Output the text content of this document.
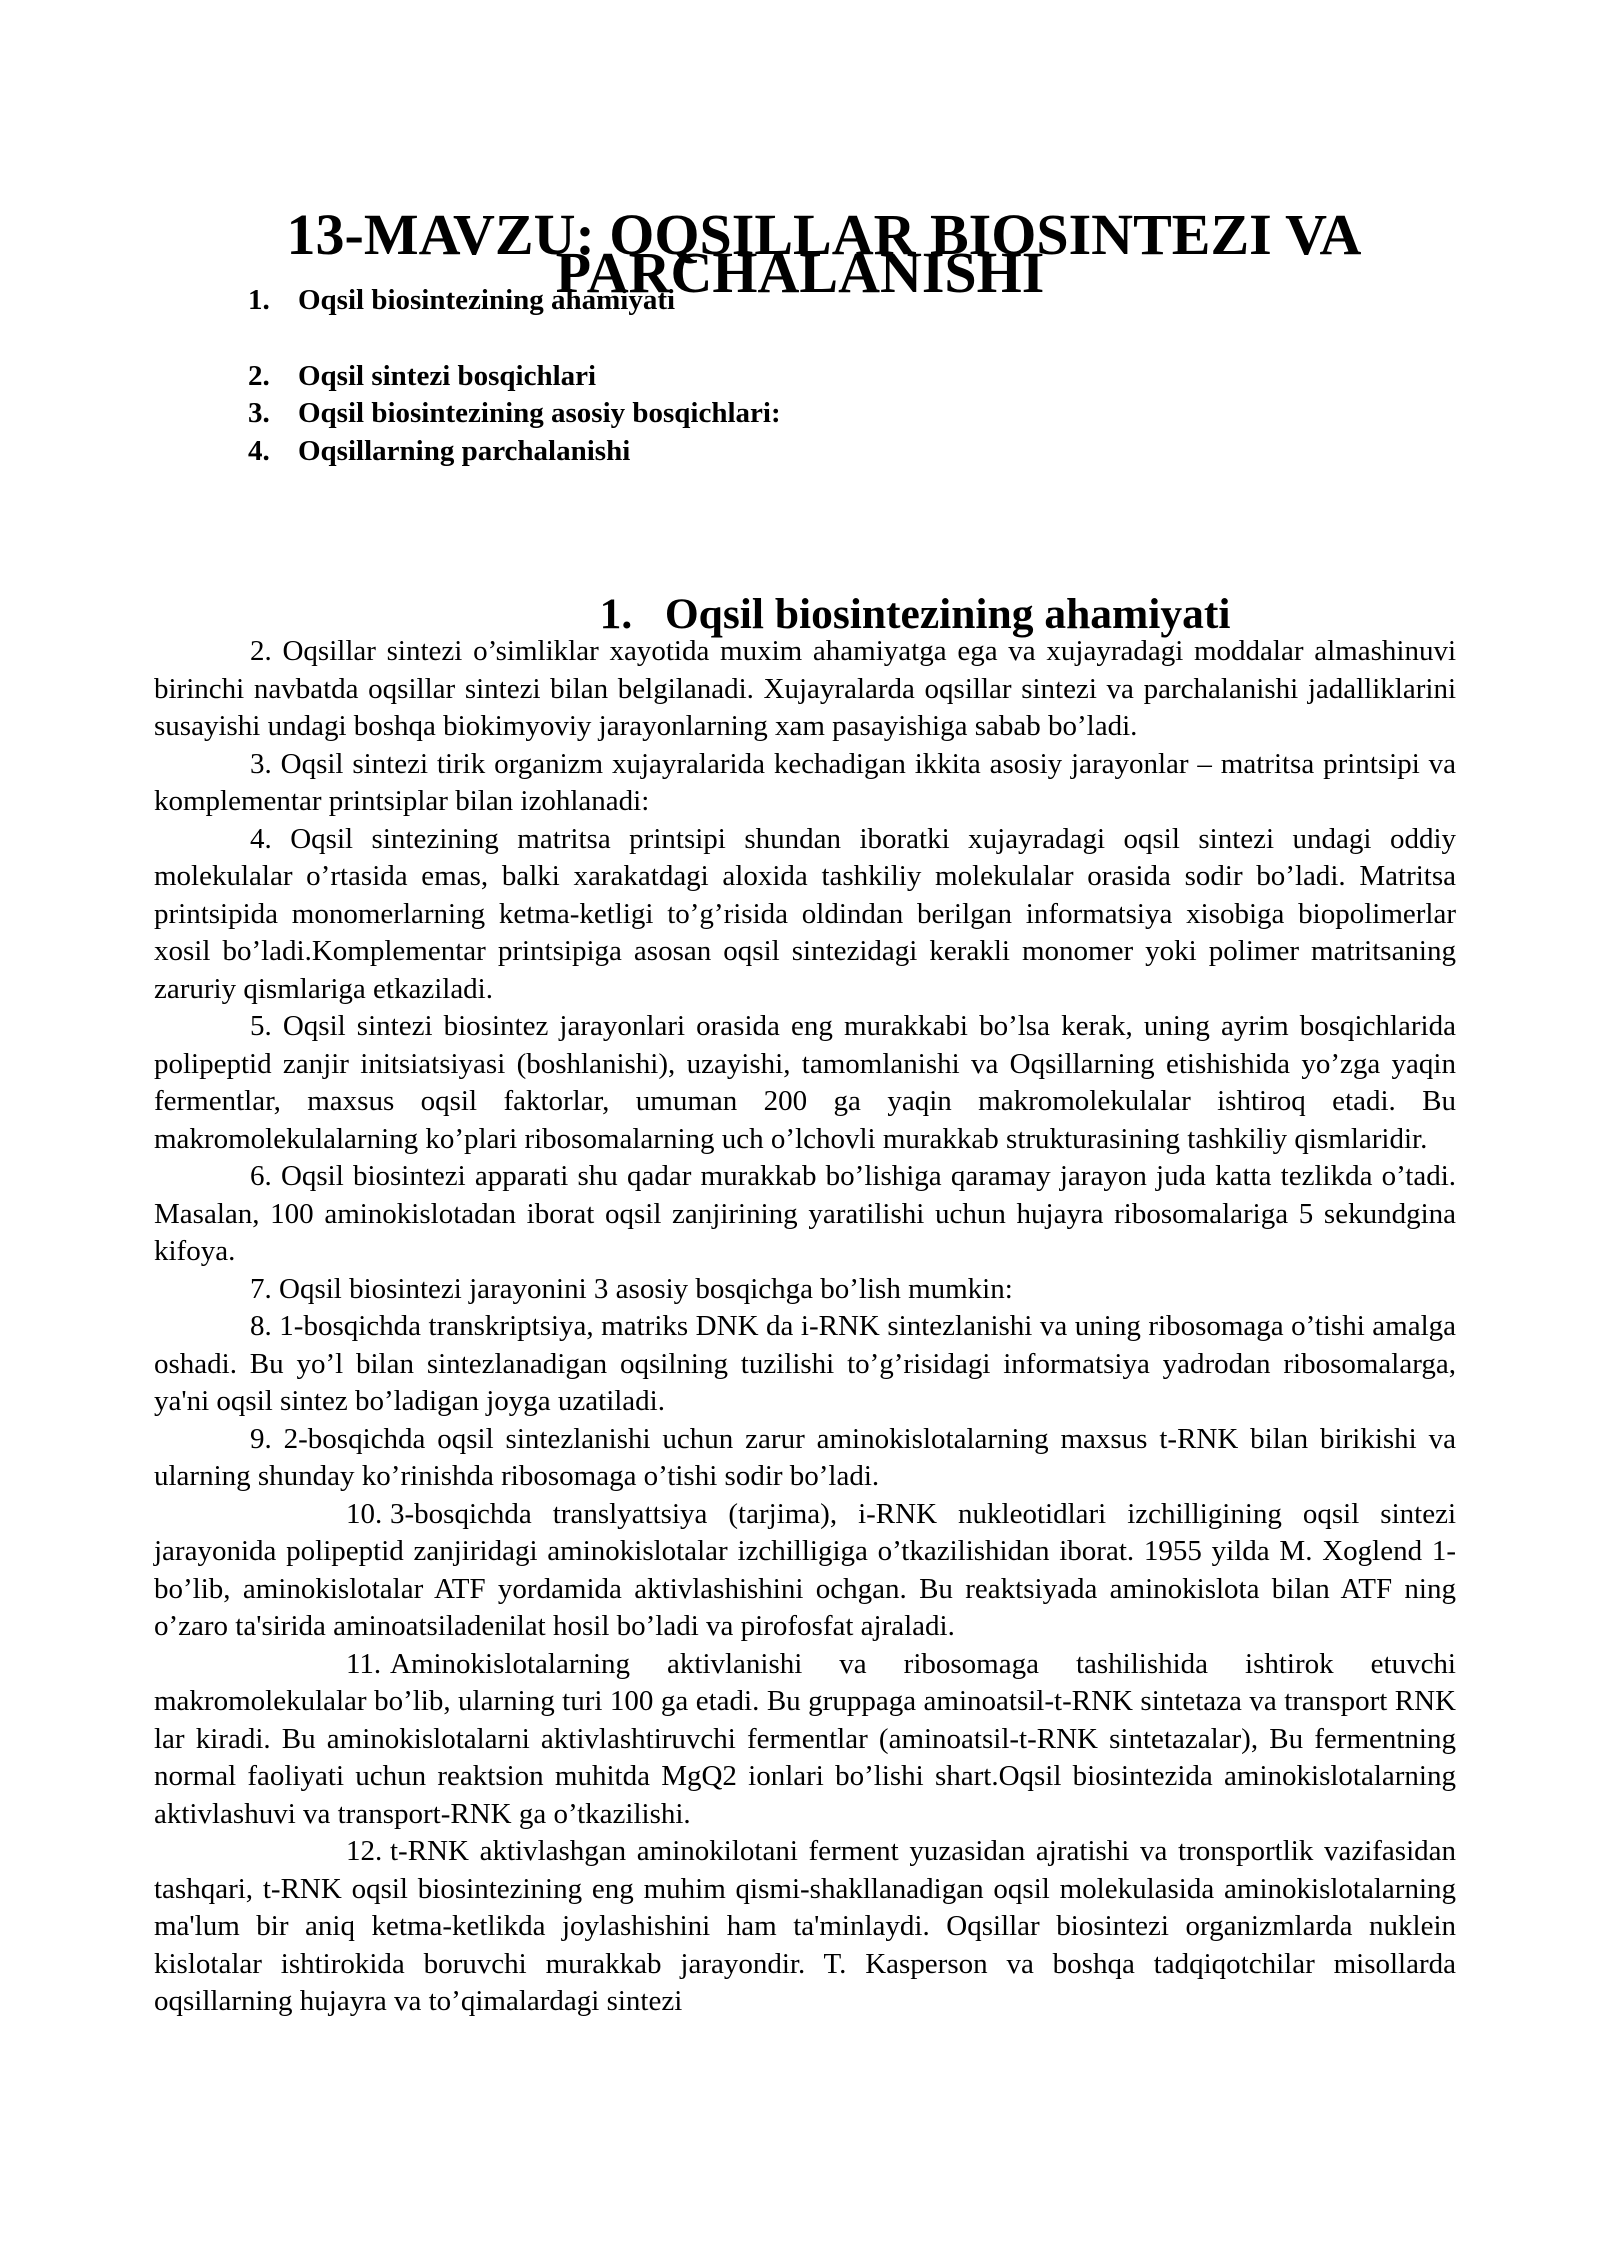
13-MAVZU: OQSILLAR BIOSINTEZI VA PARCHALANISHI
1. Oqsil biosintezining ahamiyati
2. Oqsil sintezi bosqichlari
3. Oqsil biosintezining asosiy bosqichlari:
4. Oqsillarning parchalanishi
1. Oqsil biosintezining ahamiyati

2. Oqsillar sintezi o’simliklar xayotida muxim ahamiyatga ega va xujayradagi moddalar almashinuvi birinchi navbatda oqsillar sintezi bilan belgilanadi. Xujayralarda oqsillar sintezi va parchalanishi jadalliklarini susayishi undagi boshqa biokimyoviy jarayonlarning xam pasayishiga sabab bo’ladi.

3. Oqsil sintezi tirik organizm xujayralarida kechadigan ikkita asosiy jarayonlar – matritsa printsipi va komplementar printsiplar bilan izohlanadi:

4. Oqsil sintezining matritsa printsipi shundan iboratki xujayradagi oqsil sintezi undagi oddiy molekulalar o’rtasida emas, balki xarakatdagi aloxida tashkiliy molekulalar orasida sodir bo’ladi. Matritsa printsipida monomerlarning ketma-ketligi to’g’risida oldindan berilgan informatsiya xisobiga biopolimerlar xosil bo’ladi.Komplementar printsipiga asosan oqsil sintezidagi kerakli monomer yoki polimer matritsaning zaruriy qismlariga etkaziladi.

5. Oqsil sintezi biosintez jarayonlari orasida eng murakkabi bo’lsa kerak, uning ayrim bosqichlarida polipeptid zanjir initsiatsiyasi (boshlanishi), uzayishi, tamomlanishi va Oqsillarning etishishida yo’zga yaqin fermentlar, maxsus oqsil faktorlar, umuman 200 ga yaqin makromolekulalar ishtiroq etadi. Bu makromolekulalarning ko’plari ribosomalarning uch o’lchovli murakkab strukturasining tashkiliy qismlaridir.

6. Oqsil biosintezi apparati shu qadar murakkab bo’lishiga qaramay jarayon juda katta tezlikda o’tadi. Masalan, 100 aminokislotadan iborat oqsil zanjirining yaratilishi uchun hujayra ribosomalariga 5 sekundgina kifoya.

7. Oqsil biosintezi jarayonini 3 asosiy bosqichga bo’lish mumkin:

8. 1-bosqichda transkriptsiya, matriks DNK da i-RNK sintezlanishi va uning ribosomaga o’tishi amalga oshadi. Bu yo’l bilan sintezlanadigan oqsilning tuzilishi to’g’risidagi informatsiya yadrodan ribosomalarga, ya'ni oqsil sintez bo’ladigan joyga uzatiladi.

9. 2-bosqichda oqsil sintezlanishi uchun zarur aminokislotalarning maxsus t-RNK bilan birikishi va ularning shunday ko’rinishda ribosomaga o’tishi sodir bo’ladi.

10. 3-bosqichda translyattsiya (tarjima), i-RNK nukleotidlari izchilligining oqsil sintezi jarayonida polipeptid zanjiridagi aminokislotalar izchilligiga o’tkazilishidan iborat. 1955 yilda M. Xoglend 1-bo’lib, aminokislotalar ATF yordamida aktivlashishini ochgan. Bu reaktsiyada aminokislota bilan ATF ning o’zaro ta'sirida aminoatsiladenilat hosil bo’ladi va pirofosfat ajraladi.

11. Aminokislotalarning aktivlanishi va ribosomaga tashilishida ishtirok etuvchi makromolekulalar bo’lib, ularning turi 100 ga etadi. Bu gruppaga aminoatsil-t-RNK sintetaza va transport RNK lar kiradi. Bu aminokislotalarni aktivlashtiruvchi fermentlar (aminoatsil-t-RNK sintetazalar), Bu fermentning normal faoliyati uchun reaktsion muhitda MgQ2 ionlari bo’lishi shart.Oqsil biosintezida aminokislotalarning aktivlashuvi va transport-RNK ga o’tkazilishi.

12. t-RNK aktivlashgan aminokilotani ferment yuzasidan ajratishi va tronsportlik vazifasidan tashqari, t-RNK oqsil biosintezining eng muhim qismi-shakllanadigan oqsil molekulasida aminokislotalarning ma'lum bir aniq ketma-ketlikda joylashishini ham ta'minlaydi. Oqsillar biosintezi organizmlarda nuklein kislotalar ishtirokida boruvchi murakkab jarayondir. T. Kasperson va boshqa tadqiqotchilar misollarda oqsillarning hujayra va to’qimalardagi sintezi
